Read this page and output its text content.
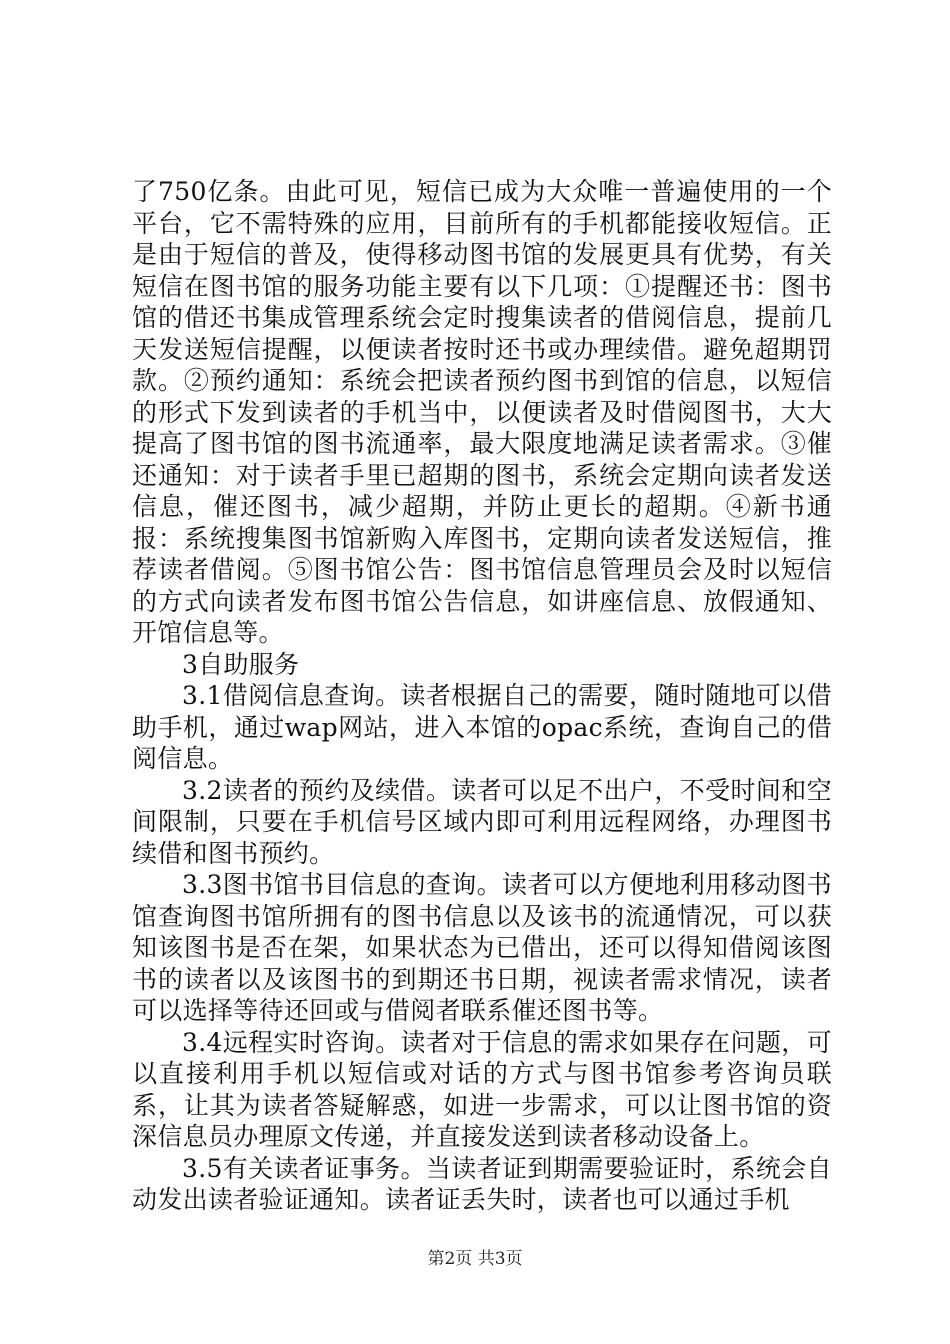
了750亿条。由此可见，短信已成为大众唯一普遍使用的一个平台，它不需特殊的应用，目前所有的手机都能接收短信。正是由于短信的普及，使得移动图书馆的发展更具有优势，有关短信在图书馆的服务功能主要有以下几项：①提醒还书：图书馆的借还书集成管理系统会定时搜集读者的借阅信息，提前几天发送短信提醒，以便读者按时还书或办理续借。避免超期罚款。②预约通知：系统会把读者预约图书到馆的信息，以短信的形式下发到读者的手机当中，以便读者及时借阅图书，大大提高了图书馆的图书流通率，最大限度地满足读者需求。③催还通知：对于读者手里已超期的图书，系统会定期向读者发送信息，催还图书，减少超期，并防止更长的超期。④新书通报：系统搜集图书馆新购入库图书，定期向读者发送短信，推荐读者借阅。⑤图书馆公告：图书馆信息管理员会及时以短信的方式向读者发布图书馆公告信息，如讲座信息、放假通知、开馆信息等。

3自助服务

3.1借阅信息查询。读者根据自己的需要，随时随地可以借助手机，通过wap网站，进入本馆的opac系统，查询自己的借阅信息。

3.2读者的预约及续借。读者可以足不出户，不受时间和空间限制，只要在手机信号区域内即可利用远程网络，办理图书续借和图书预约。

3.3图书馆书目信息的查询。读者可以方便地利用移动图书馆查询图书馆所拥有的图书信息以及该书的流通情况，可以获知该图书是否在架，如果状态为已借出，还可以得知借阅该图书的读者以及该图书的到期还书日期，视读者需求情况，读者可以选择等待还回或与借阅者联系催还图书等。

3.4远程实时咨询。读者对于信息的需求如果存在问题，可以直接利用手机以短信或对话的方式与图书馆参考咨询员联系，让其为读者答疑解惑，如进一步需求，可以让图书馆的资深信息员办理原文传递，并直接发送到读者移动设备上。

3.5有关读者证事务。当读者证到期需要验证时，系统会自动发出读者验证通知。读者证丢失时，读者也可以通过手机

第2页 共3页
